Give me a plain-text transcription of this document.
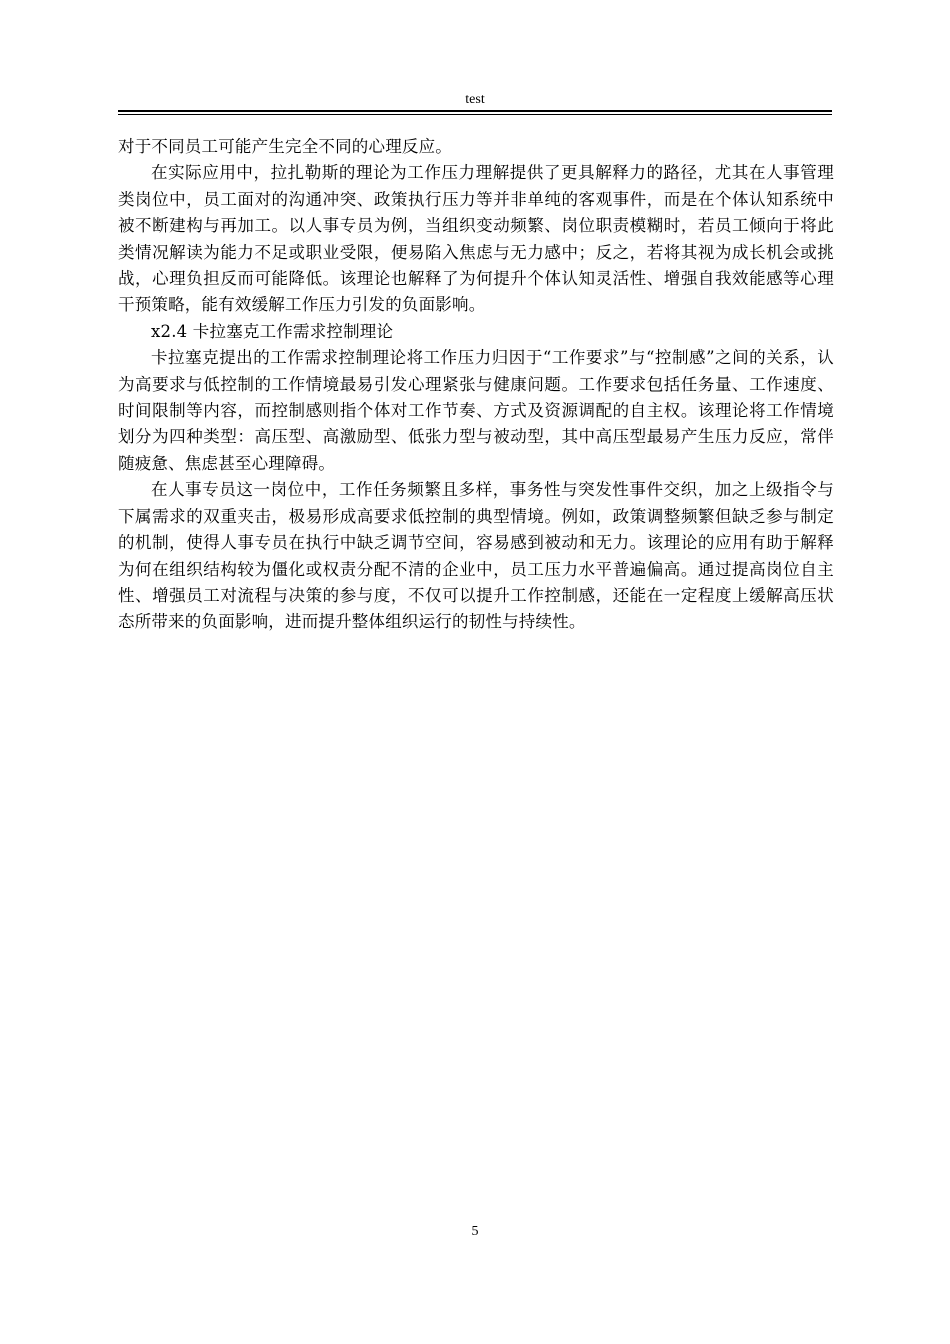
test

对于不同员工可能产生完全不同的心理反应。

在实际应用中，拉扎勒斯的理论为工作压力理解提供了更具解释力的路径，尤其在人事管理类岗位中，员工面对的沟通冲突、政策执行压力等并非单纯的客观事件，而是在个体认知系统中被不断建构与再加工。以人事专员为例，当组织变动频繁、岗位职责模糊时，若员工倾向于将此类情况解读为能力不足或职业受限，便易陷入焦虑与无力感中；反之，若将其视为成长机会或挑战，心理负担反而可能降低。该理论也解释了为何提升个体认知灵活性、增强自我效能感等心理干预策略，能有效缓解工作压力引发的负面影响。

x2.4 卡拉塞克工作需求控制理论

卡拉塞克提出的工作需求控制理论将工作压力归因于“工作要求”与“控制感”之间的关系，认为高要求与低控制的工作情境最易引发心理紧张与健康问题。工作要求包括任务量、工作速度、时间限制等内容，而控制感则指个体对工作节奏、方式及资源调配的自主权。该理论将工作情境划分为四种类型：高压型、高激励型、低张力型与被动型，其中高压型最易产生压力反应，常伴随疲惫、焦虑甚至心理障碍。

在人事专员这一岗位中，工作任务频繁且多样，事务性与突发性事件交织，加之上级指令与下属需求的双重夹击，极易形成高要求低控制的典型情境。例如，政策调整频繁但缺乏参与制定的机制，使得人事专员在执行中缺乏调节空间，容易感到被动和无力。该理论的应用有助于解释为何在组织结构较为僵化或权责分配不清的企业中，员工压力水平普遍偏高。通过提高岗位自主性、增强员工对流程与决策的参与度，不仅可以提升工作控制感，还能在一定程度上缓解高压状态所带来的负面影响，进而提升整体组织运行的韧性与持续性。

5
